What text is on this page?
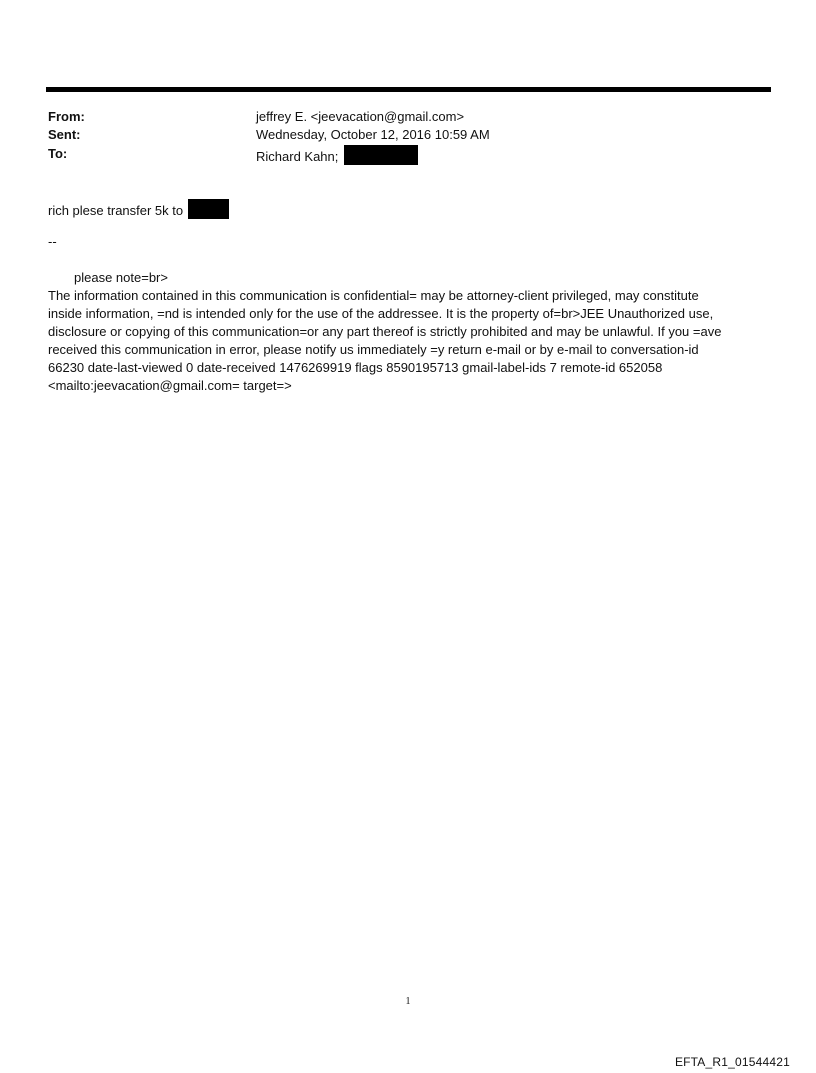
From:	jeffrey E. <jeevacation@gmail.com>
Sent:	Wednesday, October 12, 2016 10:59 AM
To:	Richard Kahn;
rich plese transfer 5k to
--
please note=br>
The information contained in this communication is confidential= may be attorney-client privileged, may constitute
inside information, =nd is intended only for the use of the addressee. It is the property of=br>JEE Unauthorized use,
disclosure or copying of this communication=or any part thereof is strictly prohibited and may be unlawful. If you =ave
received this communication in error, please notify us immediately =y return e-mail or by e-mail to conversation-id
66230 date-last-viewed 0 date-received 1476269919 flags 8590195713 gmail-label-ids 7 remote-id 652058
<mailto:jeevacation@gmail.com= target=>
1
EFTA_R1_01544421
